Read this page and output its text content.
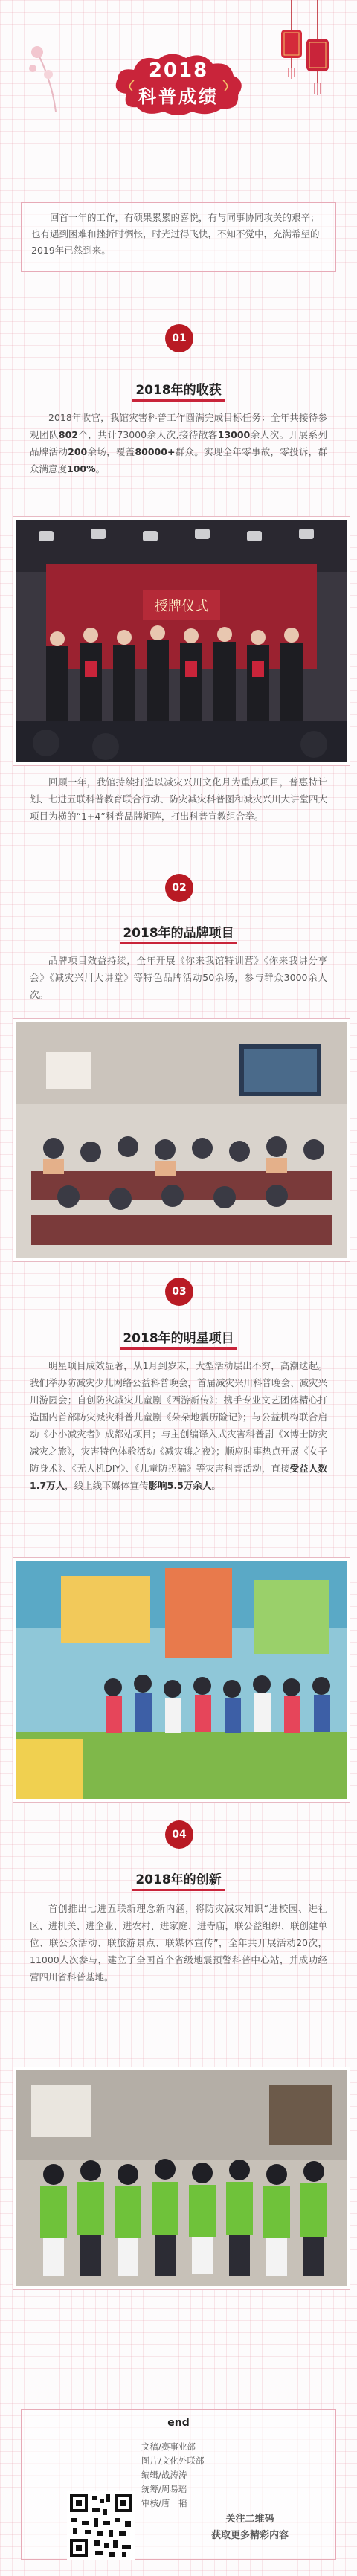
2018
科普成绩
回首一年的工作，有硕果累累的喜悦，有与同事协同攻关的艰辛；也有遇到困难和挫折时惆怅，时光过得飞快，不知不觉中，充满希望的2019年已然到来。
01
2018年的收获
2018年收官，我馆灾害科普工作圆满完成目标任务：全年共接待参观团队802个，共计73000余人次,接待散客13000余人次。开展系列品牌活动200余场，覆盖80000+群众。实现全年零事故，零投诉，群众满意度100%。
授牌仪式
回顾一年，我馆持续打造以减灾兴川文化月为重点项目，普惠特计划、七进五联科普教育联合行动、防灾减灾科普图和减灾兴川大讲堂四大项目为横的“1+4”科普品牌矩阵，打出科普宣教组合拳。
02
2018年的品牌项目
品牌项目效益持续，全年开展《你来我馆特训营》《你来我讲分享会》《减灾兴川大讲堂》等特色品牌活动50余场，参与群众3000余人次。
03
2018年的明星项目
明星项目成效显著，从1月到岁末，大型活动层出不穷，高潮迭起。我们举办防减灾少儿网络公益科普晚会，首届减灾兴川科普晚会、减灾兴川游园会；自创防灾减灾儿童剧《西游新传》；携手专业文艺团体精心打造国内首部防灾减灾科普儿童剧《朵朵地震历险记》；与公益机构联合启动《小小减灾者》成都站项目；与主创编译入式灾害科普剧《X博士防灾减灾之旅》，灾害特色体验活动《减灾嗨之夜》；顺应时事热点开展《女子防身术》、《无人机DIY》、《儿童防拐骗》等灾害科普活动，直接受益人数1.7万人，线上线下媒体宣传影响5.5万余人。
04
2018年的创新
首创推出七进五联新理念新内涵，将防灾减灾知识“进校园、进社区、进机关、进企业、进农村、进家庭、进寺庙，联公益组织、联创建单位、联公众活动、联旅游景点、联媒体宣传”，全年共开展活动20次，11000人次参与，建立了全国首个省级地震预警科普中心站，并成功经营四川省科普基地。
end
文稿/赛事业部
图片/文化外联部
编辑/战涛涛
统筹/周易瑶
审核/唐　韬
关注二维码
获取更多精彩内容
